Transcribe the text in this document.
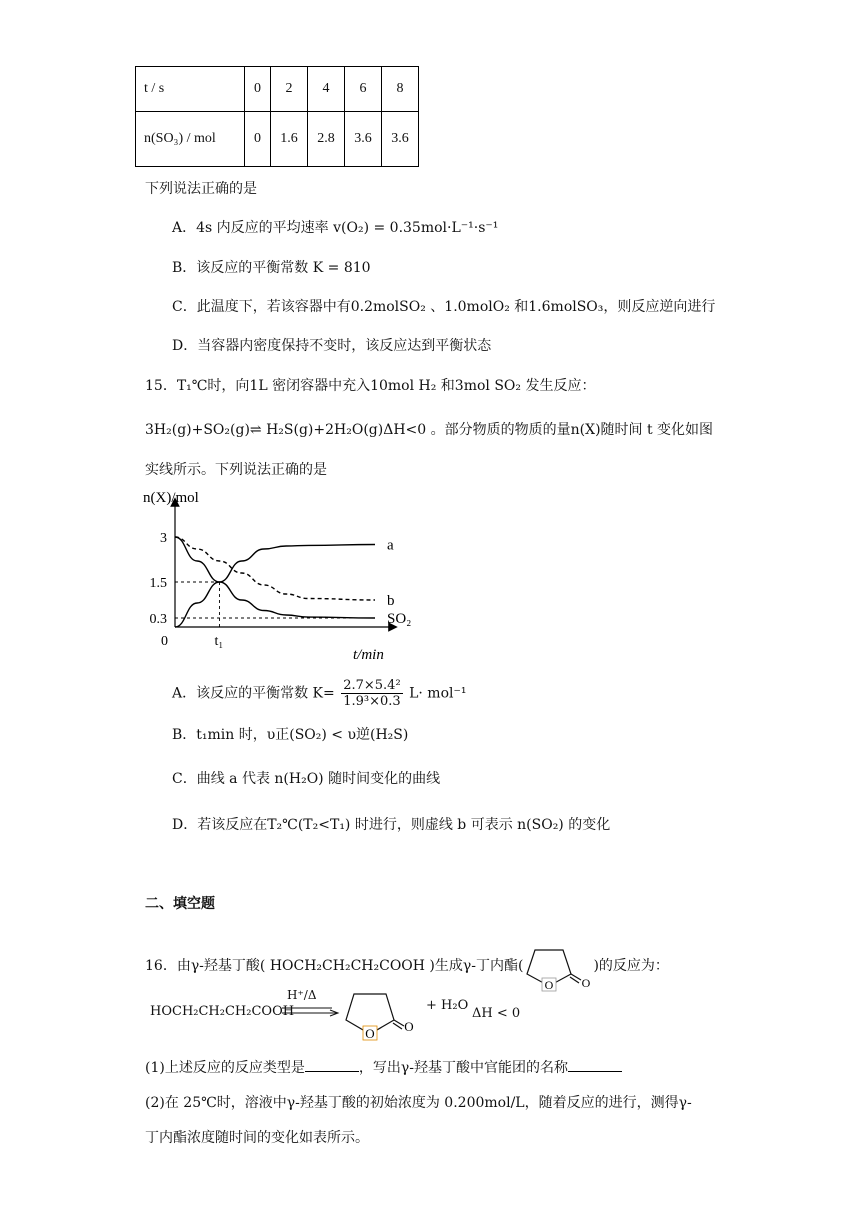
t / s	0	2	4	6	8
n(SO₃) / mol	0	1.6	2.8	3.6	3.6
下列说法正确的是
A．4s 内反应的平均速率 v(O₂) = 0.35mol·L⁻¹·s⁻¹
B．该反应的平衡常数 K = 810
C．此温度下，若该容器中有0.2molSO₂ 、1.0molO₂ 和1.6molSO₃，则反应逆向进行
D．当容器内密度保持不变时，该反应达到平衡状态
15．T₁℃时，向1L 密闭容器中充入10mol H₂ 和3mol SO₂ 发生反应：
3H₂(g)+SO₂(g)⇌ H₂S(g)+2H₂O(g)ΔH<0 。部分物质的物质的量n(X)随时间 t 变化如图
实线所示。下列说法正确的是
n(X)/mol
t/min
0
3
1.5
0.3
t₁
a
b
SO₂
A．该反应的平衡常数 $K= \frac{\text{2.7×5.4²}}{\text{1.9³×0.3}} L\cdot mol^{-1}$
B．t₁min 时，υ正(SO₂) < υ逆(H₂S)
C．曲线 a 代表 n(H₂O) 随时间变化的曲线
D．若该反应在T₂℃(T₂<T₁) 时进行，则虚线 b 可表示 n(SO₂) 的变化
二、填空题
16．由γ-羟基丁酸( HOCH₂CH₂CH₂COOH )生成γ-丁内酯(
O O
)的反应为：
HOCH₂CH₂CH₂COOH
H⁺/Δ
O O
+ H₂O
ΔH < 0
(1)上述反应的反应类型是	，写出γ-羟基丁酸中官能团的名称
(2)在 25℃时，溶液中γ-羟基丁酸的初始浓度为 0.200mol/L，随着反应的进行，测得γ-
丁内酯浓度随时间的变化如表所示。
